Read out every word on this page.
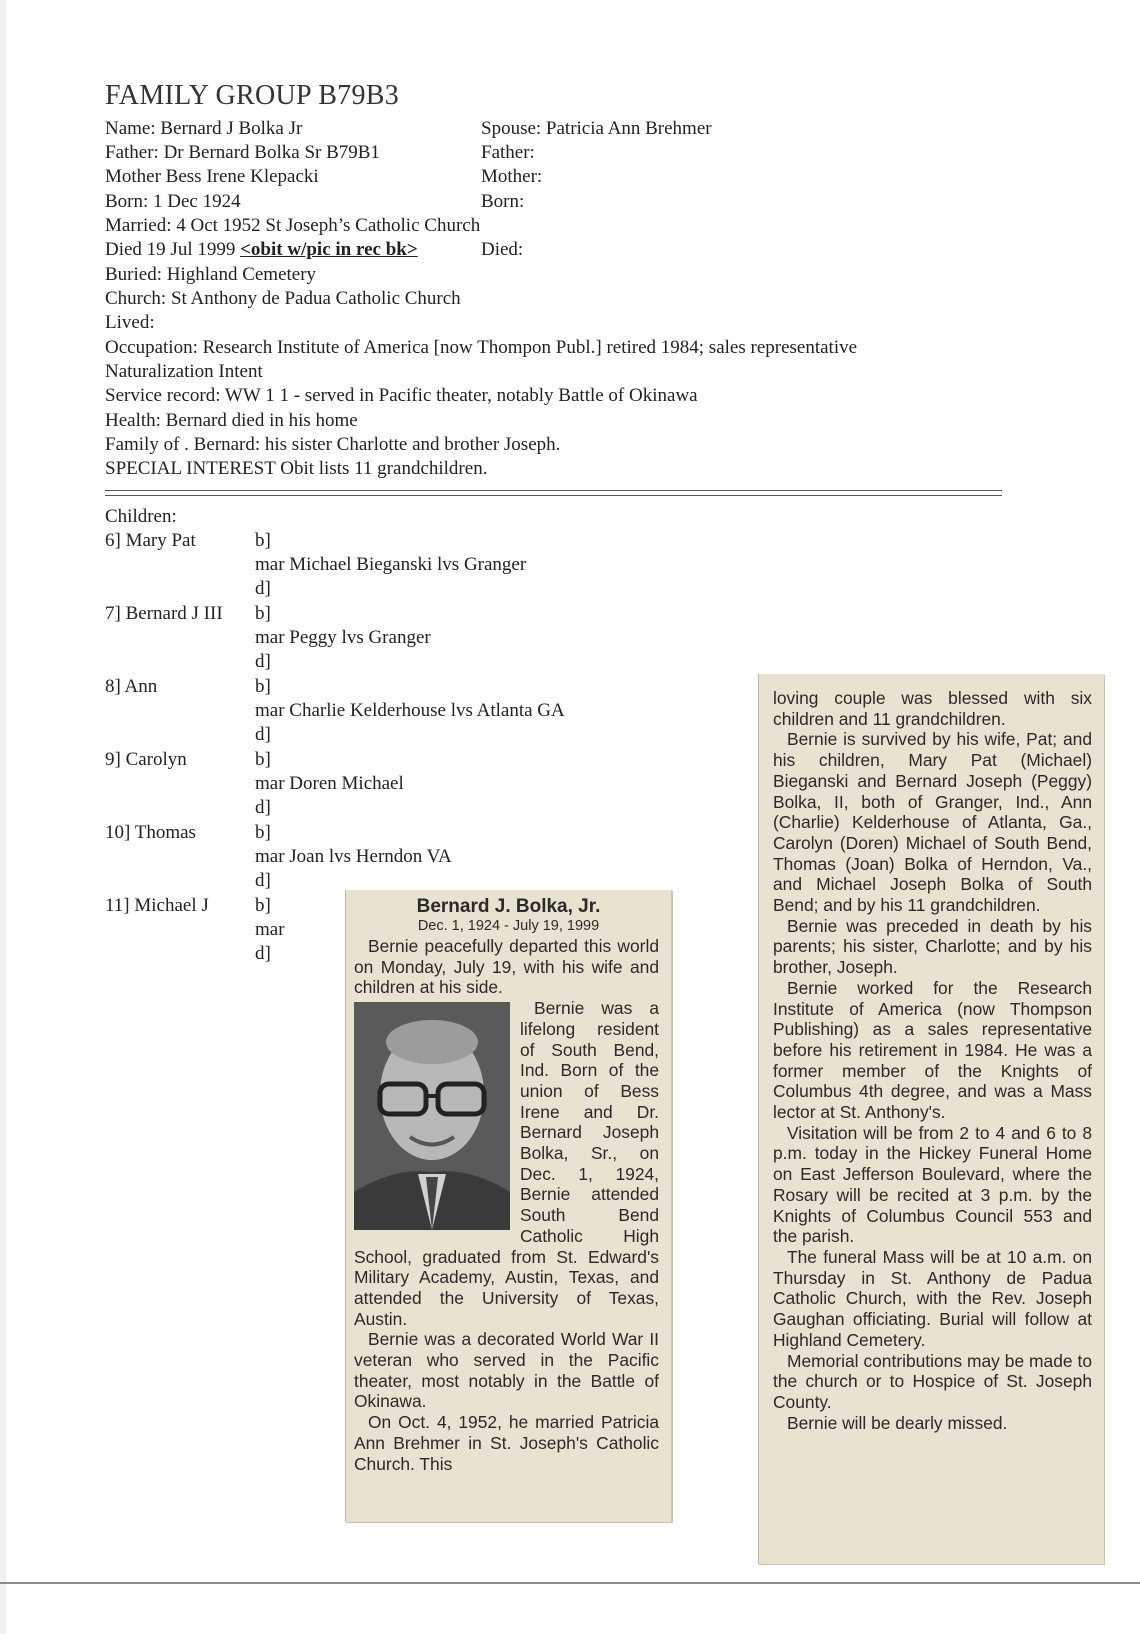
FAMILY GROUP B79B3
Name: Bernard J Bolka Jr	Spouse: Patricia Ann Brehmer
Father: Dr Bernard Bolka Sr B79B1	Father:
Mother Bess Irene Klepacki	Mother:
Born: 1 Dec 1924	Born:
Married: 4 Oct 1952 St Joseph’s Catholic Church
Died 19 Jul 1999 <obit w/pic in rec bk>	Died:
Buried: Highland Cemetery
Church: St Anthony de Padua Catholic Church
Lived:
Occupation: Research Institute of America [now Thompon Publ.] retired 1984; sales representative
Naturalization Intent
Service record: WW 1 1 - served in Pacific theater, notably Battle of Okinawa
Health: Bernard died in his home
Family of . Bernard: his sister Charlotte and brother Joseph.
SPECIAL INTEREST Obit lists 11 grandchildren.
Children:
6] Mary Pat	b]
mar Michael Bieganski lvs Granger
d]
7] Bernard J III b]
mar Peggy lvs Granger
d]
8] Ann	b]
mar Charlie Kelderhouse lvs Atlanta GA
d]
9] Carolyn	b]
mar Doren Michael
d]
10] Thomas	b]
mar Joan lvs Herndon VA
d]
11] Michael J b]
mar
d]
Bernard J. Bolka, Jr.
Dec. 1, 1924 - July 19, 1999

Bernie peacefully departed this world on Monday, July 19, with his wife and children at his side.

Bernie was a lifelong resident of South Bend, Ind. Born of the union of Bess Irene and Dr. Bernard Joseph Bolka, Sr., on Dec. 1, 1924, Bernie attended South Bend Catholic High School, graduated from St. Edward's Military Academy, Austin, Texas, and attended the University of Texas, Austin.

Bernie was a decorated World War II veteran who served in the Pacific theater, most notably in the Battle of Okinawa.

On Oct. 4, 1952, he married Patricia Ann Brehmer in St. Joseph's Catholic Church. This

loving couple was blessed with six children and 11 grandchildren.

Bernie is survived by his wife, Pat; and his children, Mary Pat (Michael) Bieganski and Bernard Joseph (Peggy) Bolka, II, both of Granger, Ind., Ann (Charlie) Kelderhouse of Atlanta, Ga., Carolyn (Doren) Michael of South Bend, Thomas (Joan) Bolka of Herndon, Va., and Michael Joseph Bolka of South Bend; and by his 11 grandchildren.

Bernie was preceded in death by his parents; his sister, Charlotte; and by his brother, Joseph.

Bernie worked for the Research Institute of America (now Thompson Publishing) as a sales representative before his retirement in 1984. He was a former member of the Knights of Columbus 4th degree, and was a Mass lector at St. Anthony's.

Visitation will be from 2 to 4 and 6 to 8 p.m. today in the Hickey Funeral Home on East Jefferson Boulevard, where the Rosary will be recited at 3 p.m. by the Knights of Columbus Council 553 and the parish.

The funeral Mass will be at 10 a.m. on Thursday in St. Anthony de Padua Catholic Church, with the Rev. Joseph Gaughan officiating. Burial will follow at Highland Cemetery.

Memorial contributions may be made to the church or to Hospice of St. Joseph County.

Bernie will be dearly missed.
